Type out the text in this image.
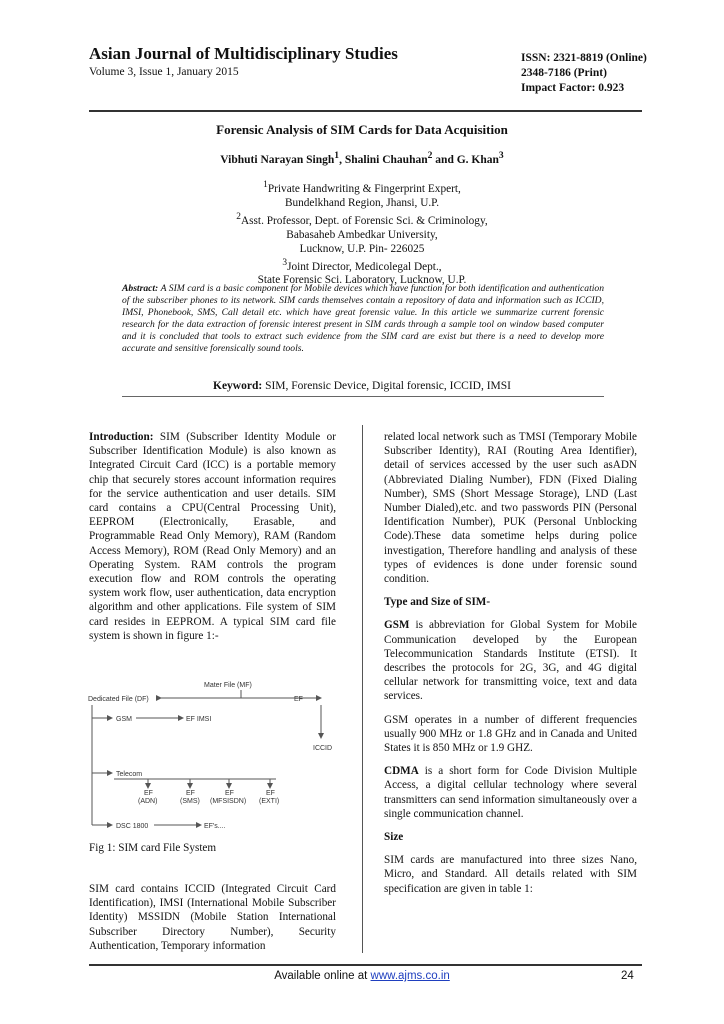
Asian Journal of Multidisciplinary Studies
Volume 3, Issue 1, January 2015
ISSN: 2321-8819 (Online)
2348-7186 (Print)
Impact Factor: 0.923
Forensic Analysis of SIM Cards for Data Acquisition
Vibhuti Narayan Singh$^1$, Shalini Chauhan$^2$ and G. Khan$^3$
$^1$Private Handwriting & Fingerprint Expert,
Bundelkhand Region, Jhansi, U.P.
$^2$Asst. Professor, Dept. of Forensic Sci. & Criminology,
Babasaheb Ambedkar University,
Lucknow, U.P. Pin- 226025
$^3$Joint Director, Medicolegal Dept.,
State Forensic Sci. Laboratory, Lucknow, U.P.
Abstract: A SIM card is a basic component for Mobile devices which have function for both identification and authentication of the subscriber phones to its network. SIM cards themselves contain a repository of data and information such as ICCID, IMSI, Phonebook, SMS, Call detail etc. which have great forensic value. In this article we summarize current forensic research for the data extraction of forensic interest present in SIM cards through a sample tool on window based computer and it is concluded that tools to extract such evidence from the SIM card are exist but there is a need to develop more accurate and sensitive forensically sound tools.
Keyword: SIM, Forensic Device, Digital forensic, ICCID, IMSI

Introduction: SIM (Subscriber Identity Module or Subscriber Identification Module) is also known as Integrated Circuit Card (ICC) is a portable memory chip that securely stores account information requires for the service authentication and user details. SIM card contains a CPU(Central Processing Unit), EEPROM (Electronically, Erasable, and Programmable Read Only Memory), RAM (Random Access Memory), ROM (Read Only Memory) and an Operating System. RAM controls the program execution flow and ROM controls the operating system work flow, user authentication, data encryption algorithm and other applications. File system of SIM card resides in EEPROM. A typical SIM card file system is shown in figure 1:-

Mater File (MF)
Dedicated File (DF)	EF
GSM	EF IMSI
ICCID
Telecom
EF	EF	EF	EF
(ADN)	(SMS) (MFSISDN) (EXTI)
DSC 1800	EF's....
Fig 1: SIM card File System

SIM card contains ICCID (Integrated Circuit Card Identification), IMSI (International Mobile Subscriber Identity) MSSIDN (Mobile Station International Subscriber Directory Number), Security Authentication, Temporary information

related local network such as TMSI (Temporary Mobile Subscriber Identity), RAI (Routing Area Identifier), detail of services accessed by the user such asADN (Abbreviated Dialing Number), FDN (Fixed Dialing Number), SMS (Short Message Storage), LND (Last Number Dialed),etc. and two passwords PIN (Personal Identification Number), PUK (Personal Unblocking Code).These data sometime helps during police investigation, Therefore handling and analysis of these types of evidences is done under forensic sound condition.

Type and Size of SIM-

GSM is abbreviation for Global System for Mobile Communication developed by the European Telecommunication Standards Institute (ETSI). It describes the protocols for 2G, 3G, and 4G digital cellular network for transmitting voice, text and data services.

GSM operates in a number of different frequencies usually 900 MHz or 1.8 GHz and in Canada and United States it is 850 MHz or 1.9 GHZ.

CDMA is a short form for Code Division Multiple Access, a digital cellular technology where several transmitters can send information simultaneously over a single communication channel.

Size

SIM cards are manufactured into three sizes Nano, Micro, and Standard. All details related with SIM specification are given in table 1:

Available online at www.ajms.co.in	24
